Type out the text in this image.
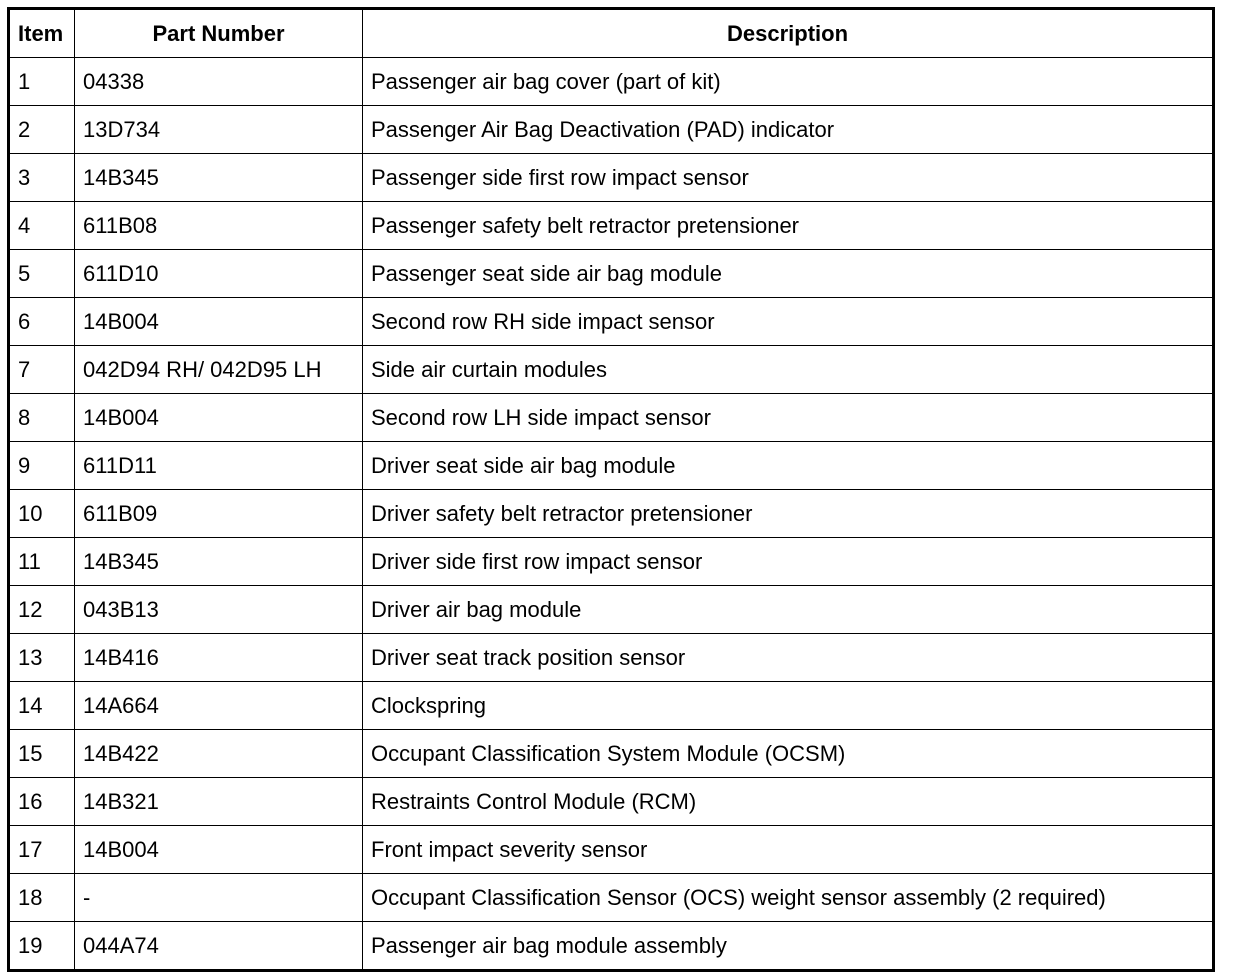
Item	Part Number	Description
1	04338	Passenger air bag cover (part of kit)
2	13D734	Passenger Air Bag Deactivation (PAD) indicator
3	14B345	Passenger side first row impact sensor
4	611B08	Passenger safety belt retractor pretensioner
5	611D10	Passenger seat side air bag module
6	14B004	Second row RH side impact sensor
7	042D94 RH/ 042D95 LH	Side air curtain modules
8	14B004	Second row LH side impact sensor
9	611D11	Driver seat side air bag module
10	611B09	Driver safety belt retractor pretensioner
11	14B345	Driver side first row impact sensor
12	043B13	Driver air bag module
13	14B416	Driver seat track position sensor
14	14A664	Clockspring
15	14B422	Occupant Classification System Module (OCSM)
16	14B321	Restraints Control Module (RCM)
17	14B004	Front impact severity sensor
18	-	Occupant Classification Sensor (OCS) weight sensor assembly (2 required)
19	044A74	Passenger air bag module assembly
